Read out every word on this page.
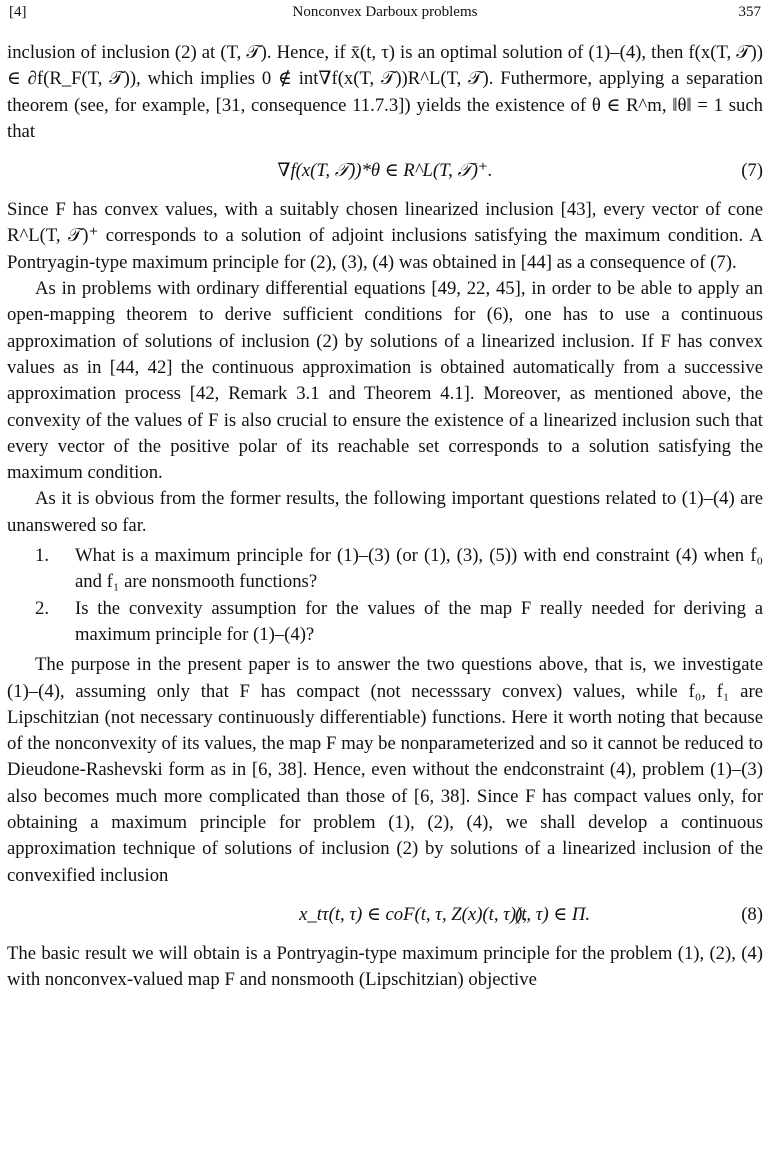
[4]	Nonconvex Darboux problems	357

inclusion of inclusion (2) at (T, 𝒯). Hence, if x̄(t, τ) is an optimal solution of (1)–(4), then f(x(T, 𝒯)) ∈ ∂f(R_F(T, 𝒯)), which implies 0 ∉ int∇f(x(T, 𝒯))R^L(T, 𝒯). Futhermore, applying a separation theorem (see, for example, [31, consequence 11.7.3]) yields the existence of θ ∈ R^m, ‖θ‖ = 1 such that

∇f(x(T, 𝒯))*θ ∈ R^L(T, 𝒯)⁺.	(7)

Since F has convex values, with a suitably chosen linearized inclusion [43], every vector of cone R^L(T, 𝒯)⁺ corresponds to a solution of adjoint inclusions satisfying the maximum condition. A Pontryagin-type maximum principle for (2), (3), (4) was obtained in [44] as a consequence of (7).

As in problems with ordinary differential equations [49, 22, 45], in order to be able to apply an open-mapping theorem to derive sufficient conditions for (6), one has to use a continuous approximation of solutions of inclusion (2) by solutions of a linearized inclusion. If F has convex values as in [44, 42] the continuous approximation is obtained automatically from a successive approximation process [42, Remark 3.1 and Theorem 4.1]. Moreover, as mentioned above, the convexity of the values of F is also crucial to ensure the existence of a linearized inclusion such that every vector of the positive polar of its reachable set corresponds to a solution satisfying the maximum condition.

As it is obvious from the former results, the following important questions related to (1)–(4) are unanswered so far.

1. What is a maximum principle for (1)–(3) (or (1), (3), (5)) with end constraint (4) when f₀ and f₁ are nonsmooth functions?
2. Is the convexity assumption for the values of the map F really needed for deriving a maximum principle for (1)–(4)?

The purpose in the present paper is to answer the two questions above, that is, we investigate (1)–(4), assuming only that F has compact (not necesssary convex) values, while f₀, f₁ are Lipschitzian (not necessary continuously differentiable) functions. Here it worth noting that because of the nonconvexity of its values, the map F may be nonparameterized and so it cannot be reduced to Dieudone-Rashevski form as in [6, 38]. Hence, even without the endconstraint (4), problem (1)–(3) also becomes much more complicated than those of [6, 38]. Since F has compact values only, for obtaining a maximum principle for problem (1), (2), (4), we shall develop a continuous approximation technique of solutions of inclusion (2) by solutions of a linearized inclusion of the convexified inclusion

x_tτ(t, τ) ∈ coF(t, τ, Z(x)(t, τ)),
(t, τ) ∈ Π.	(8)

The basic result we will obtain is a Pontryagin-type maximum principle for the problem (1), (2), (4) with nonconvex-valued map F and nonsmooth (Lipschitzian) objective
